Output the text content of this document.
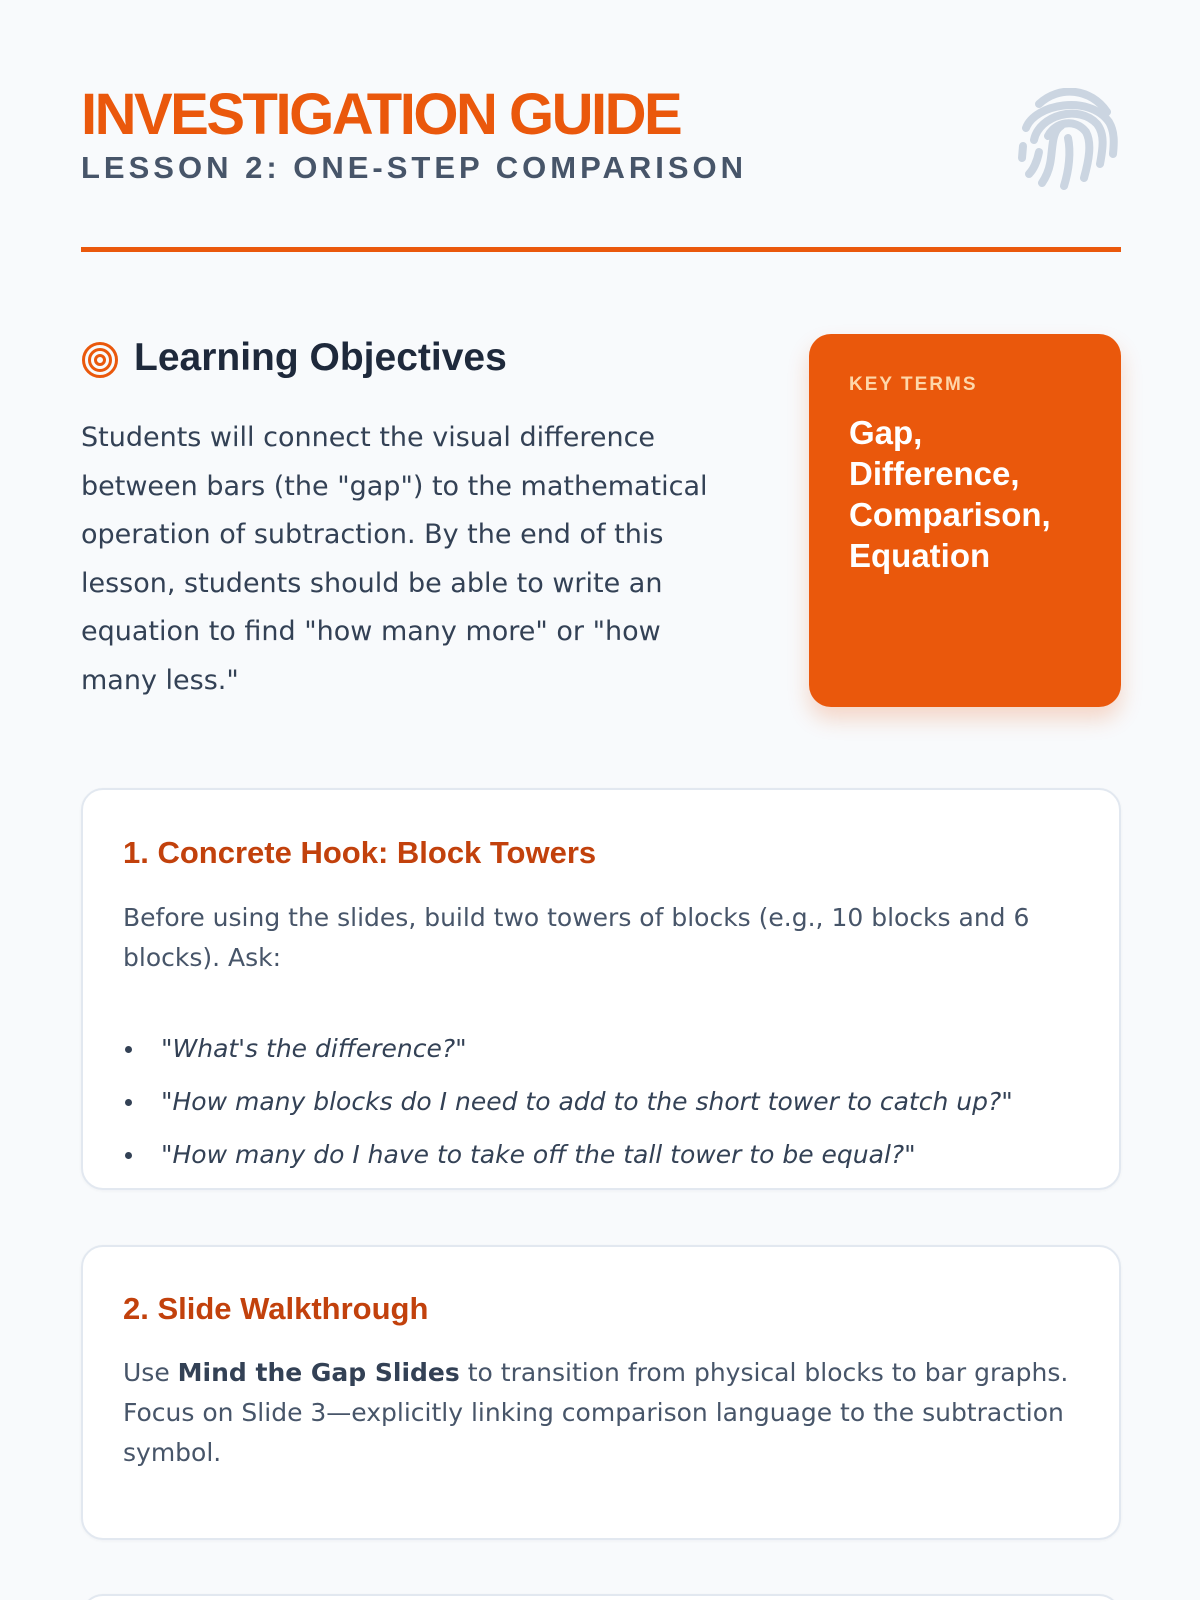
INVESTIGATION GUIDE
LESSON 2: ONE-STEP COMPARISON
Learning Objectives

Students will connect the visual difference between bars (the "gap") to the mathematical operation of subtraction. By the end of this lesson, students should be able to write an equation to find "how many more" or "how many less."

KEY TERMS

Gap, Difference, Comparison, Equation

1. Concrete Hook: Block Towers

Before using the slides, build two towers of blocks (e.g., 10 blocks and 6 blocks). Ask:

"What's the difference?"
"How many blocks do I need to add to the short tower to catch up?"
"How many do I have to take off the tall tower to be equal?"
2. Slide Walkthrough

Use Mind the Gap Slides to transition from physical blocks to bar graphs. Focus on Slide 3—explicitly linking comparison language to the subtraction symbol.
